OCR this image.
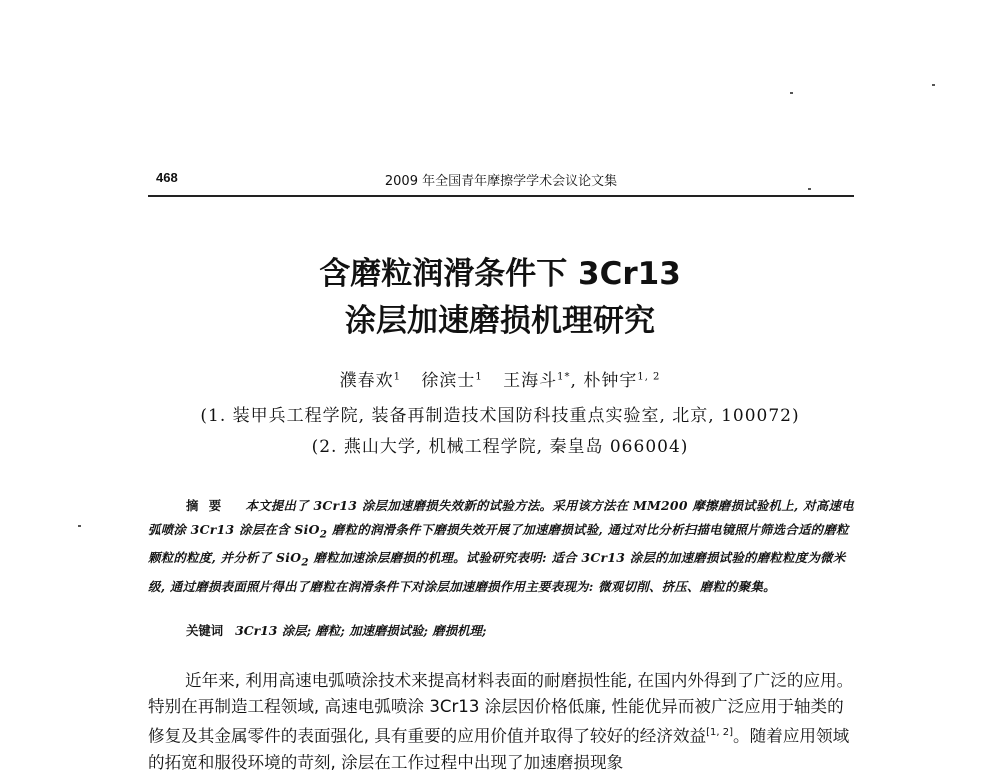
468	2009 年全国青年摩擦学学术会议论文集
含磨粒润滑条件下 3Cr13
涂层加速磨损机理研究
濮春欢$^1$ 徐滨士$^1$ 王海斗$^{1*}$, 朴钟宇$^{1, 2}$
(1. 装甲兵工程学院, 装备再制造技术国防科技重点实验室, 北京, 100072)
(2. 燕山大学, 机械工程学院, 秦皇岛 066004)
摘 要 本文提出了 3Cr13 涂层加速磨损失效新的试验方法。采用该方法在 MM200 摩擦磨损试验机上, 对高速电弧喷涂 3Cr13 涂层在含 SiO$_2$ 磨粒的润滑条件下磨损失效开展了加速磨损试验, 通过对比分析扫描电镜照片筛选合适的磨粒颗粒的粒度, 并分析了 SiO$_2$ 磨粒加速涂层磨损的机理。试验研究表明: 适合 3Cr13 涂层的加速磨损试验的磨粒粒度为微米级, 通过磨损表面照片得出了磨粒在润滑条件下对涂层加速磨损作用主要表现为: 微观切削、挤压、磨粒的聚集。
关键词 3Cr13 涂层; 磨粒; 加速磨损试验; 磨损机理;

近年来, 利用高速电弧喷涂技术来提高材料表面的耐磨损性能, 在国内外得到了广泛的应用。特别在再制造工程领域, 高速电弧喷涂 3Cr13 涂层因价格低廉, 性能优异而被广泛应用于轴类的修复及其金属零件的表面强化, 具有重要的应用价值并取得了较好的经济效益[1, 2]。随着应用领域的拓宽和服役环境的苛刻, 涂层在工作过程中出现了加速磨损现象
